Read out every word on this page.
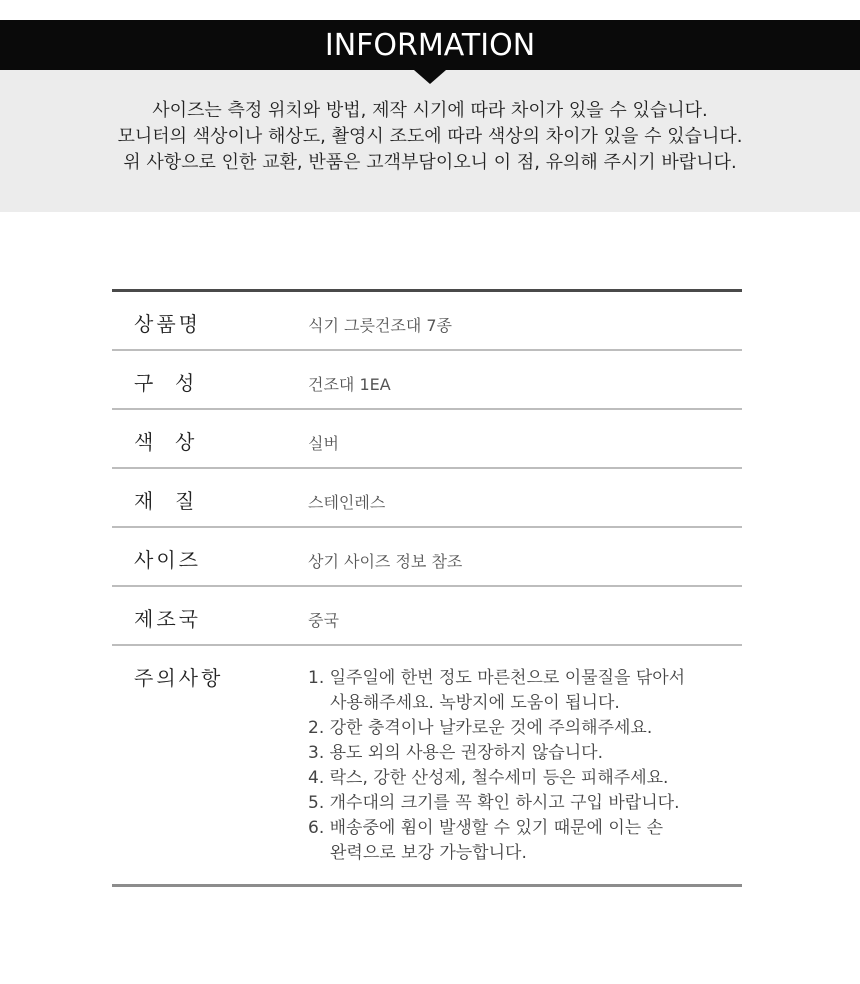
INFORMATION
사이즈는 측정 위치와 방법, 제작 시기에 따라 차이가 있을 수 있습니다.
모니터의 색상이나 해상도, 촬영시 조도에 따라 색상의 차이가 있을 수 있습니다.
위 사항으로 인한 교환, 반품은 고객부담이오니 이 점, 유의해 주시기 바랍니다.
상품명	식기 그릇건조대 7종
구  성	건조대 1EA
색  상	실버
재  질	스테인레스
사이즈	상기 사이즈 정보 참조
제조국	중국
주의사항	1. 일주일에 한번 정도 마른천으로 이물질을 닦아서
사용해주세요. 녹방지에 도움이 됩니다.
2. 강한 충격이나 날카로운 것에 주의해주세요.
3. 용도 외의 사용은 권장하지 않습니다.
4. 락스, 강한 산성제, 철수세미 등은 피해주세요.
5. 개수대의 크기를 꼭 확인 하시고 구입 바랍니다.
6. 배송중에 휨이 발생할 수 있기 때문에 이는 손
완력으로 보강 가능합니다.
